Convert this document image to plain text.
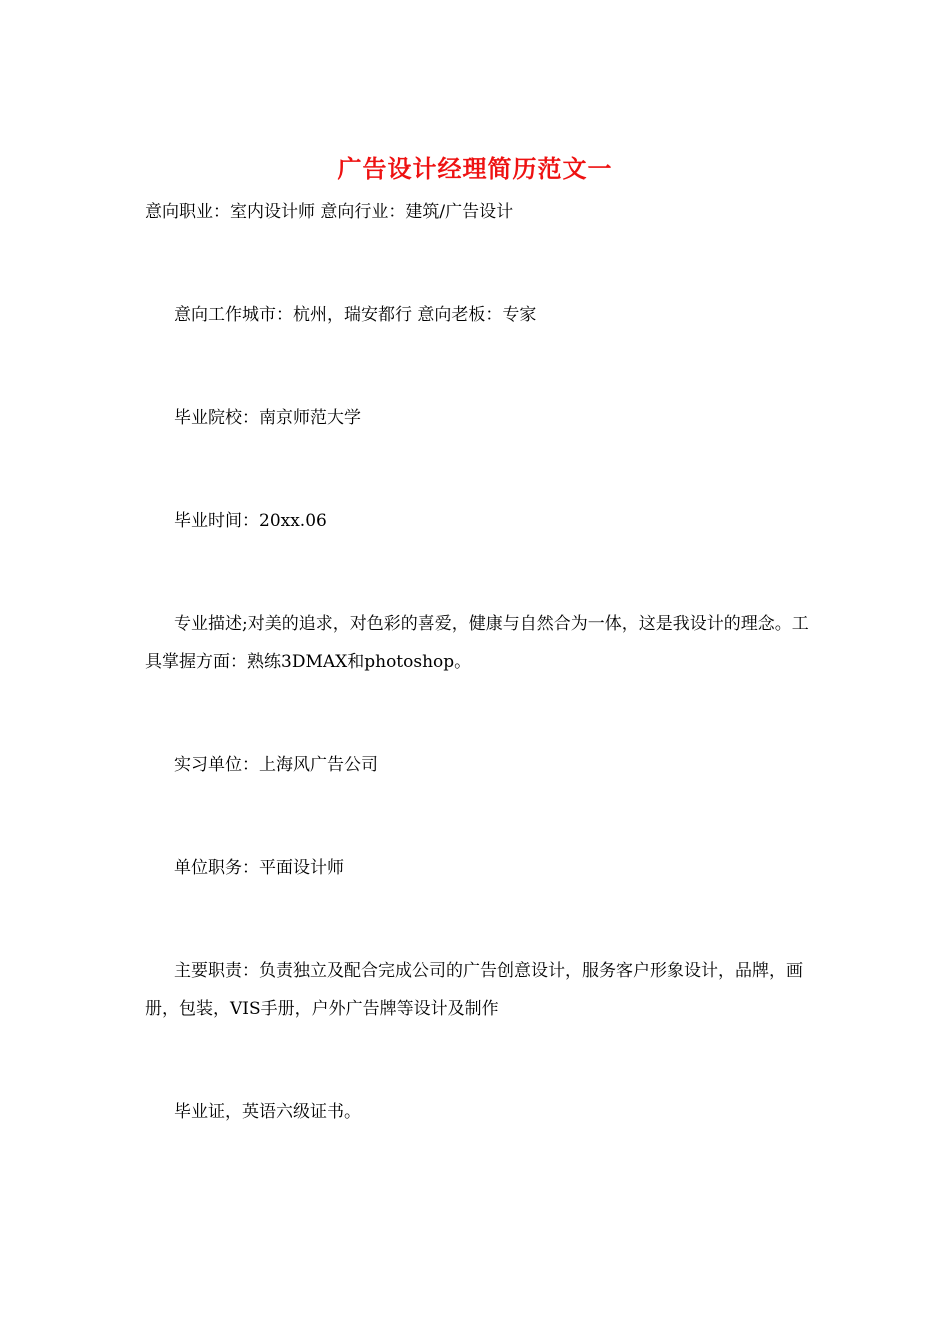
广告设计经理简历范文一

意向职业：室内设计师 意向行业：建筑/广告设计

意向工作城市：杭州，瑞安都行 意向老板：专家

毕业院校：南京师范大学

毕业时间：20xx.06

专业描述;对美的追求，对色彩的喜爱，健康与自然合为一体，这是我设计的理念。工具掌握方面：熟练3DMAX和photoshop。

实习单位：上海风广告公司

单位职务：平面设计师

主要职责：负责独立及配合完成公司的广告创意设计，服务客户形象设计，品牌，画册，包装，VIS手册，户外广告牌等设计及制作

毕业证，英语六级证书。
